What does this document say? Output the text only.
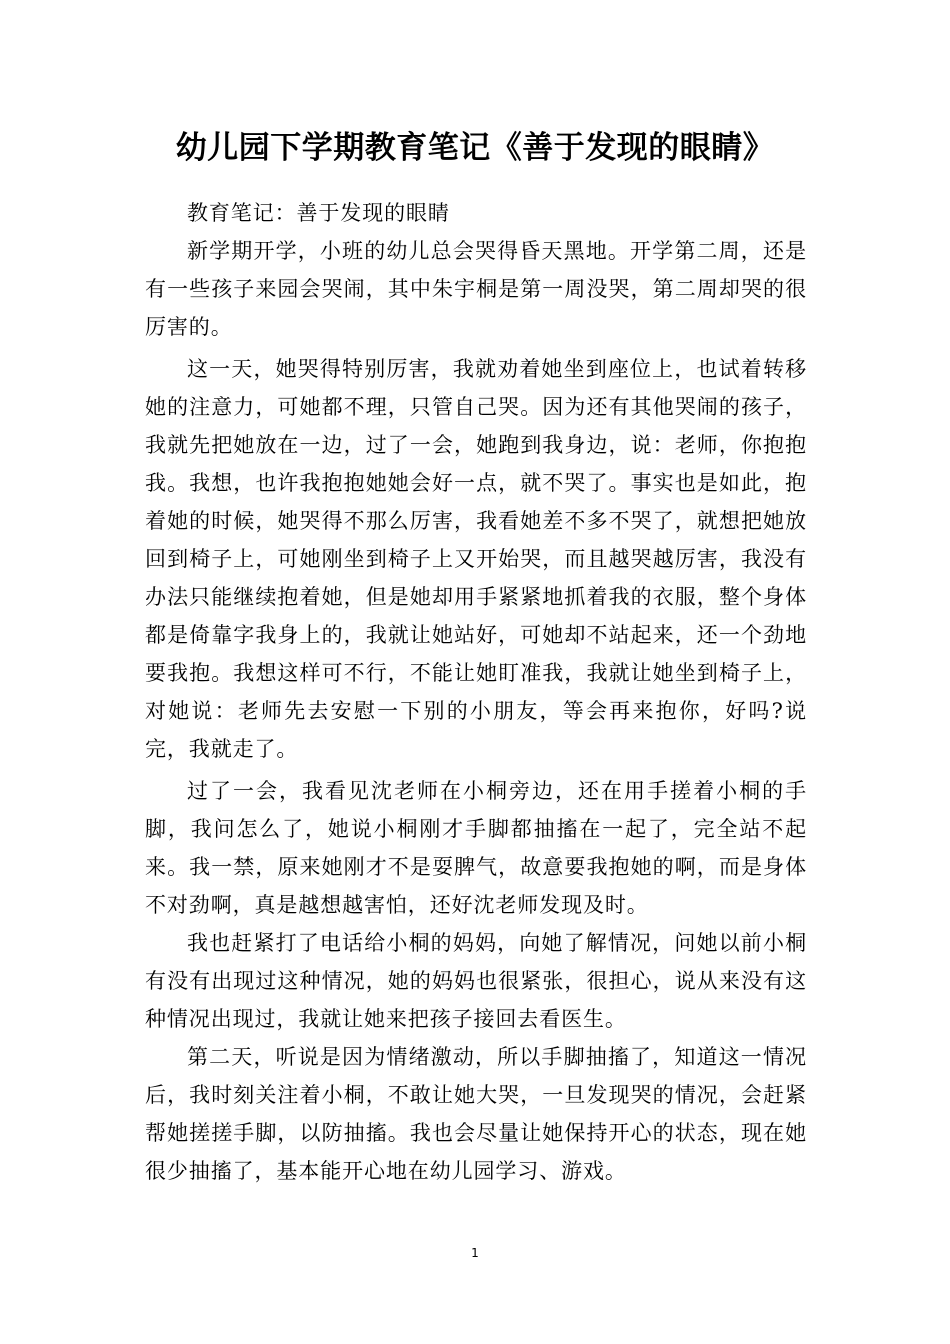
幼儿园下学期教育笔记《善于发现的眼睛》

教育笔记：善于发现的眼睛

新学期开学，小班的幼儿总会哭得昏天黑地。开学第二周，还是有一些孩子来园会哭闹，其中朱宇桐是第一周没哭，第二周却哭的很厉害的。

这一天，她哭得特别厉害，我就劝着她坐到座位上，也试着转移她的注意力，可她都不理，只管自己哭。因为还有其他哭闹的孩子，我就先把她放在一边，过了一会，她跑到我身边，说：老师，你抱抱我。我想，也许我抱抱她她会好一点，就不哭了。事实也是如此，抱着她的时候，她哭得不那么厉害，我看她差不多不哭了，就想把她放回到椅子上，可她刚坐到椅子上又开始哭，而且越哭越厉害，我没有办法只能继续抱着她，但是她却用手紧紧地抓着我的衣服，整个身体都是倚靠字我身上的，我就让她站好，可她却不站起来，还一个劲地要我抱。我想这样可不行，不能让她盯准我，我就让她坐到椅子上，对她说：老师先去安慰一下别的小朋友，等会再来抱你，好吗?说完，我就走了。

过了一会，我看见沈老师在小桐旁边，还在用手搓着小桐的手脚，我问怎么了，她说小桐刚才手脚都抽搐在一起了，完全站不起来。我一禁，原来她刚才不是耍脾气，故意要我抱她的啊，而是身体不对劲啊，真是越想越害怕，还好沈老师发现及时。

我也赶紧打了电话给小桐的妈妈，向她了解情况，问她以前小桐有没有出现过这种情况，她的妈妈也很紧张，很担心，说从来没有这种情况出现过，我就让她来把孩子接回去看医生。

第二天，听说是因为情绪激动，所以手脚抽搐了，知道这一情况后，我时刻关注着小桐，不敢让她大哭，一旦发现哭的情况，会赶紧帮她搓搓手脚，以防抽搐。我也会尽量让她保持开心的状态，现在她很少抽搐了，基本能开心地在幼儿园学习、游戏。

1
